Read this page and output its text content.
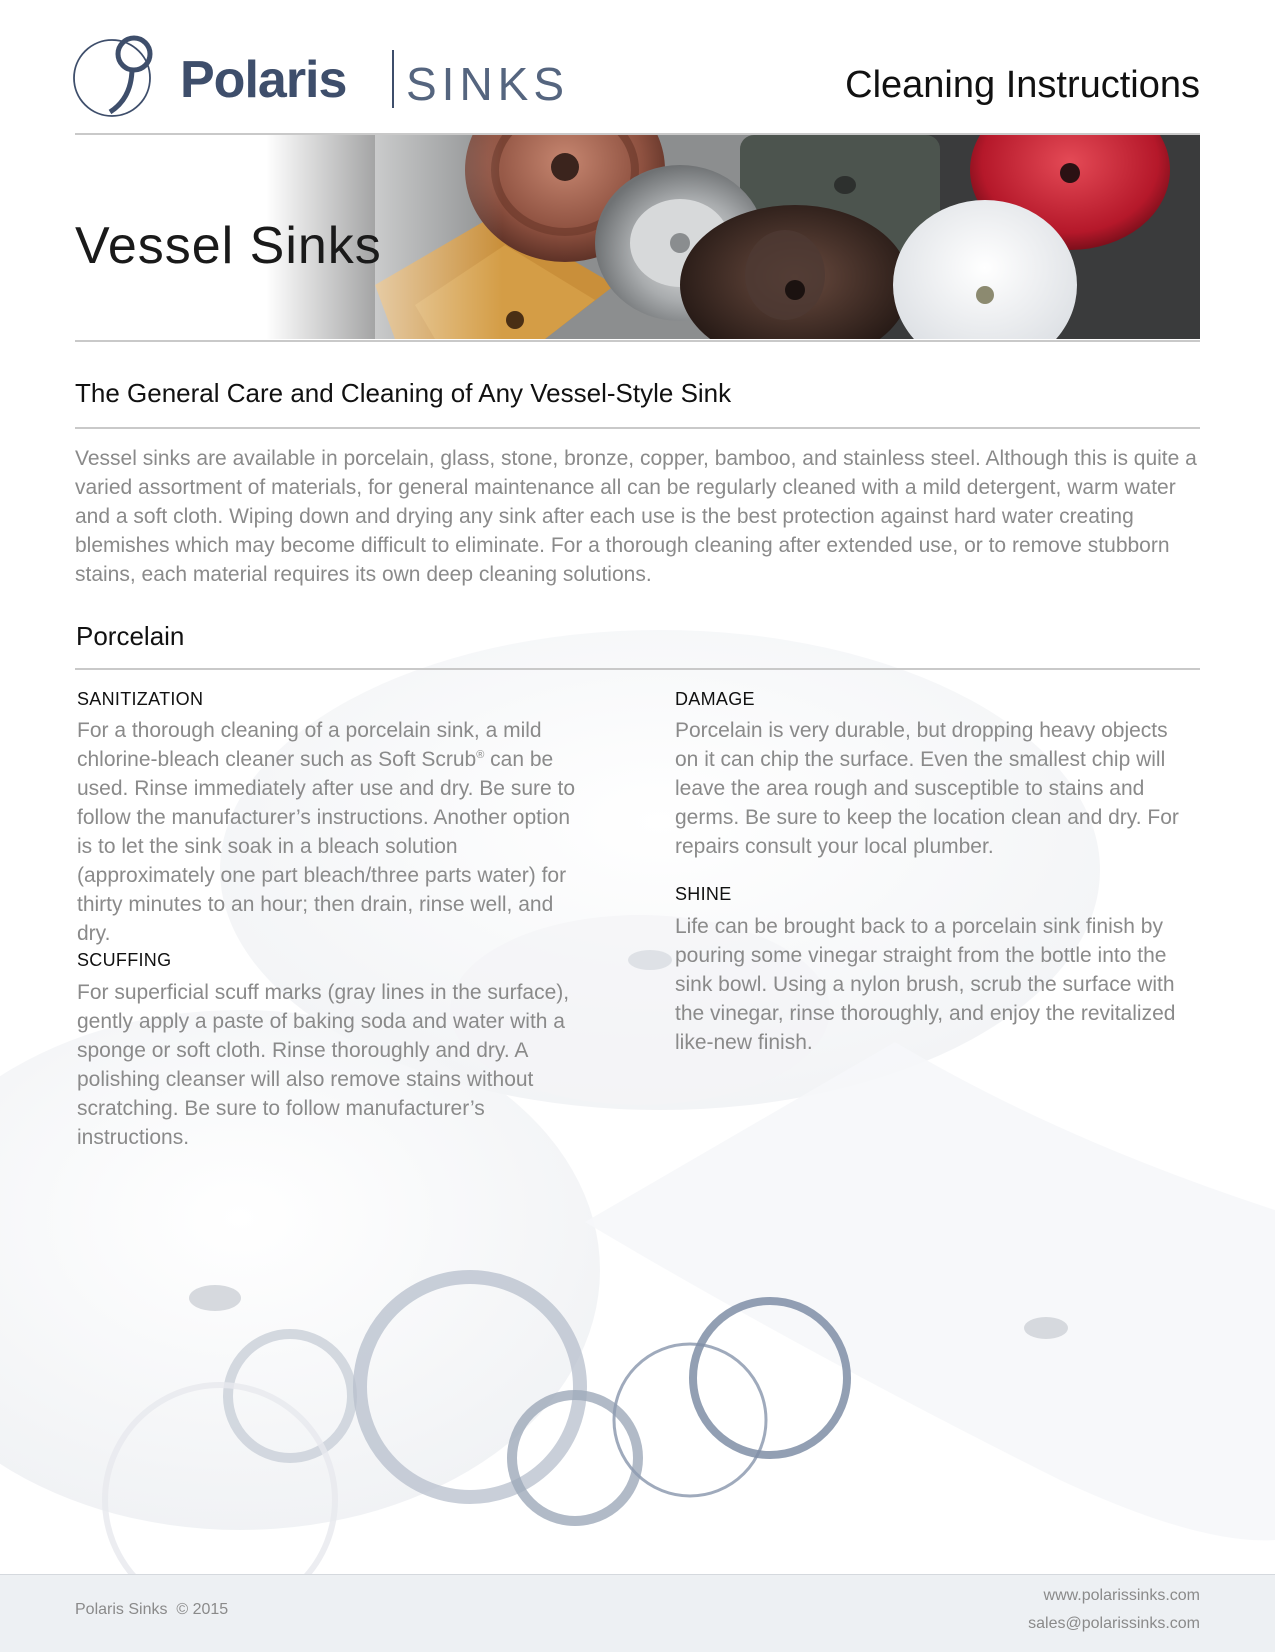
Polaris SINKS	Cleaning Instructions
Vessel Sinks
The General Care and Cleaning of Any Vessel-Style Sink
Vessel sinks are available in porcelain, glass, stone, bronze, copper, bamboo, and stainless steel. Although this is quite a varied assortment of materials, for general maintenance all can be regularly cleaned with a mild detergent, warm water and a soft cloth. Wiping down and drying any sink after each use is the best protection against hard water creating blemishes which may become difficult to eliminate. For a thorough cleaning after extended use, or to remove stubborn stains, each material requires its own deep cleaning solutions.
Porcelain
SANITIZATION
For a thorough cleaning of a porcelain sink, a mild chlorine-bleach cleaner such as Soft Scrub® can be used. Rinse immediately after use and dry. Be sure to follow the manufacturer’s instructions. Another option is to let the sink soak in a bleach solution (approximately one part bleach/three parts water) for thirty minutes to an hour; then drain, rinse well, and dry.
SCUFFING
For superficial scuff marks (gray lines in the surface), gently apply a paste of baking soda and water with a sponge or soft cloth. Rinse thoroughly and dry. A polishing cleanser will also remove stains without scratching. Be sure to follow manufacturer’s instructions.
DAMAGE
Porcelain is very durable, but dropping heavy objects on it can chip the surface. Even the smallest chip will leave the area rough and susceptible to stains and germs. Be sure to keep the location clean and dry. For repairs consult your local plumber.
SHINE
Life can be brought back to a porcelain sink finish by pouring some vinegar straight from the bottle into the sink bowl. Using a nylon brush, scrub the surface with the vinegar, rinse thoroughly, and enjoy the revitalized like-new finish.
Polaris Sinks  © 2015
www.polarissinks.com
sales@polarissinks.com
